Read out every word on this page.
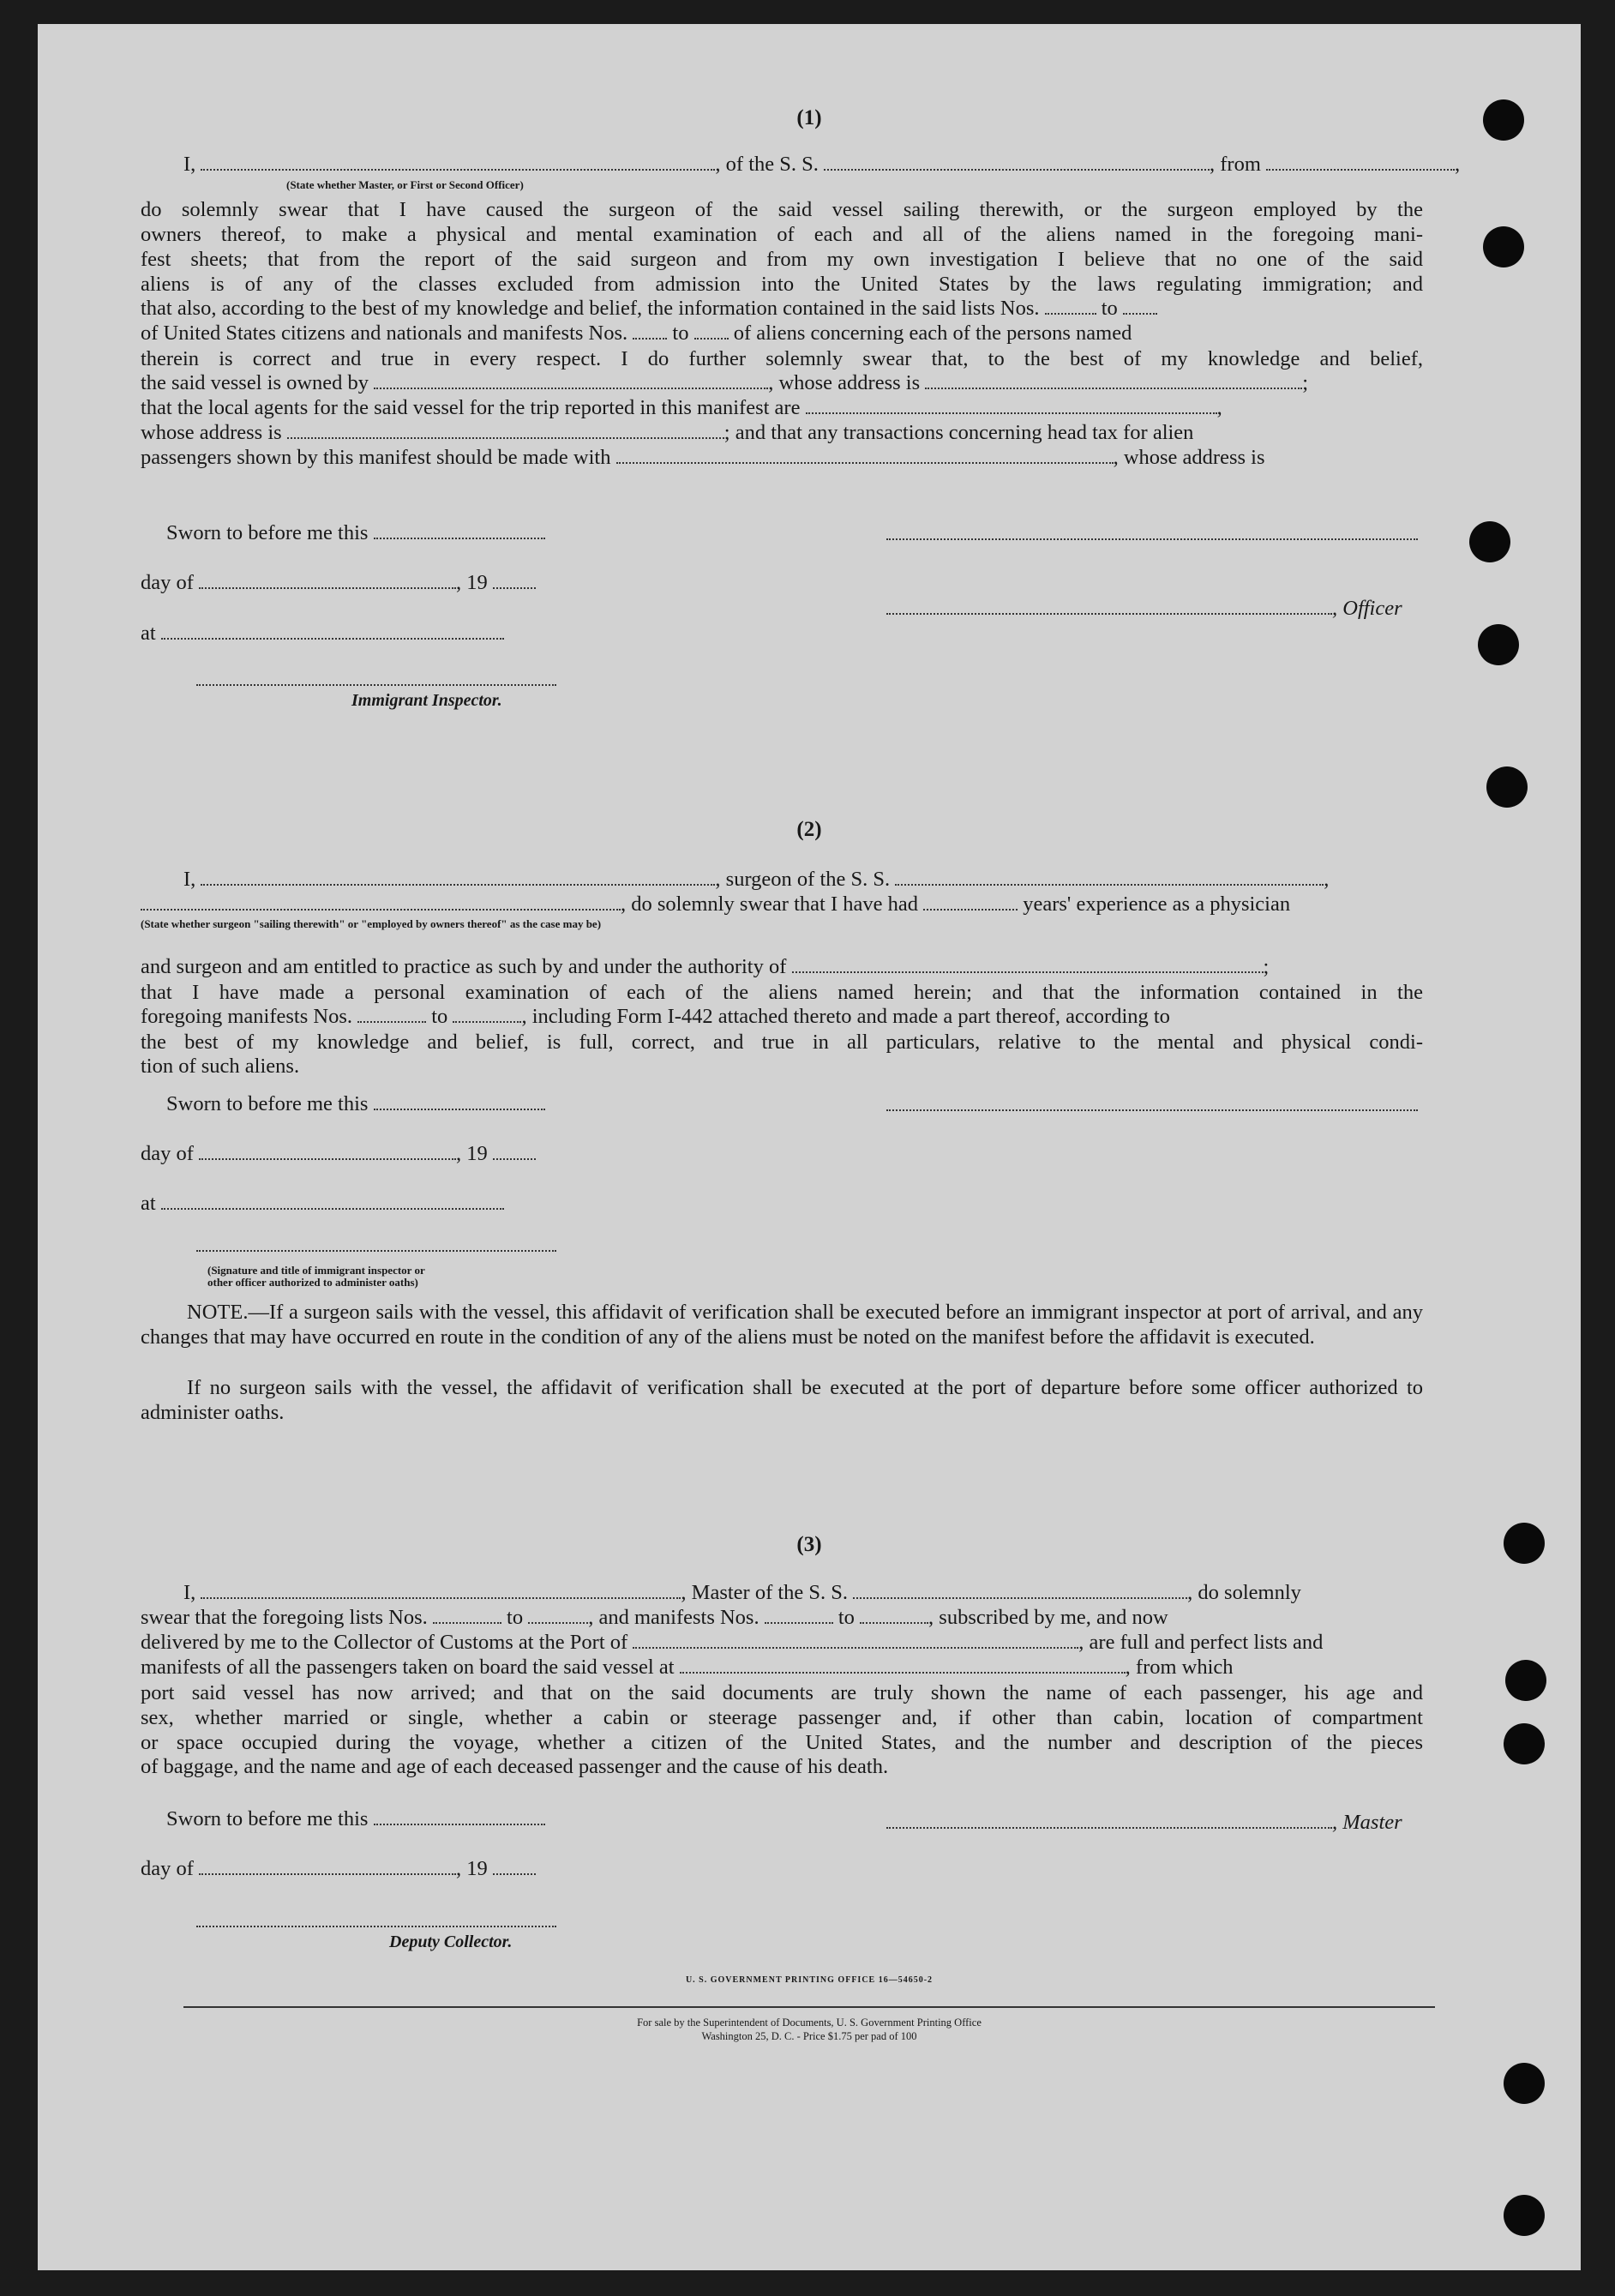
(1)
I,	, of the S. S.	, from	,
(State whether Master, or First or Second Officer)
do solemnly swear that I have caused the surgeon of the said vessel sailing therewith, or the surgeon employed by the
owners thereof, to make a physical and mental examination of each and all of the aliens named in the foregoing mani-
fest sheets; that from the report of the said surgeon and from my own investigation I believe that no one of the said
aliens is of any of the classes excluded from admission into the United States by the laws regulating immigration; and
that also, according to the best of my knowledge and belief, the information contained in the said lists Nos.	to
of United States citizens and nationals and manifests Nos. to of aliens concerning each of the persons named
therein is correct and true in every respect. I do further solemnly swear that, to the best of my knowledge and belief,
the said vessel is owned by	, whose address is	;
that the local agents for the said vessel for the trip reported in this manifest are	,
whose address is	; and that any transactions concerning head tax for alien
passengers shown by this manifest should be made with	, whose address is
Sworn to before me this
day of	, 19
, Officer
at
Immigrant Inspector.
(2)
I,	, surgeon of the S. S.	,
, do solemnly swear that I have had	years' experience as a physician
(State whether surgeon "sailing therewith" or "employed by owners thereof" as the case may be)
and surgeon and am entitled to practice as such by and under the authority of	;
that I have made a personal examination of each of the aliens named herein; and that the information contained in the
foregoing manifests Nos.	to	, including Form I-442 attached thereto and made a part thereof, according to
the best of my knowledge and belief, is full, correct, and true in all particulars, relative to the mental and physical condi-
tion of such aliens.
Sworn to before me this
day of	, 19
at
(Signature and title of immigrant inspector or
other officer authorized to administer oaths)
NOTE.—If a surgeon sails with the vessel, this affidavit of verification shall be executed before an immigrant inspector at port of arrival, and any changes that may have occurred en route in the condition of any of the aliens must be noted on the manifest before the affidavit is executed.
If no surgeon sails with the vessel, the affidavit of verification shall be executed at the port of departure before some officer authorized to administer oaths.
(3)
I,	, Master of the S. S.	, do solemnly
swear that the foregoing lists Nos.	to	, and manifests Nos.	to	, subscribed by me, and now
delivered by me to the Collector of Customs at the Port of	, are full and perfect lists and
manifests of all the passengers taken on board the said vessel at	, from which
port said vessel has now arrived; and that on the said documents are truly shown the name of each passenger, his age and
sex, whether married or single, whether a cabin or steerage passenger and, if other than cabin, location of compartment
or space occupied during the voyage, whether a citizen of the United States, and the number and description of the pieces
of baggage, and the name and age of each deceased passenger and the cause of his death.
Sworn to before me this	, Master
day of	, 19
Deputy Collector.
U. S. GOVERNMENT PRINTING OFFICE 16—54650-2
For sale by the Superintendent of Documents, U. S. Government Printing Office
Washington 25, D. C. - Price $1.75 per pad of 100
